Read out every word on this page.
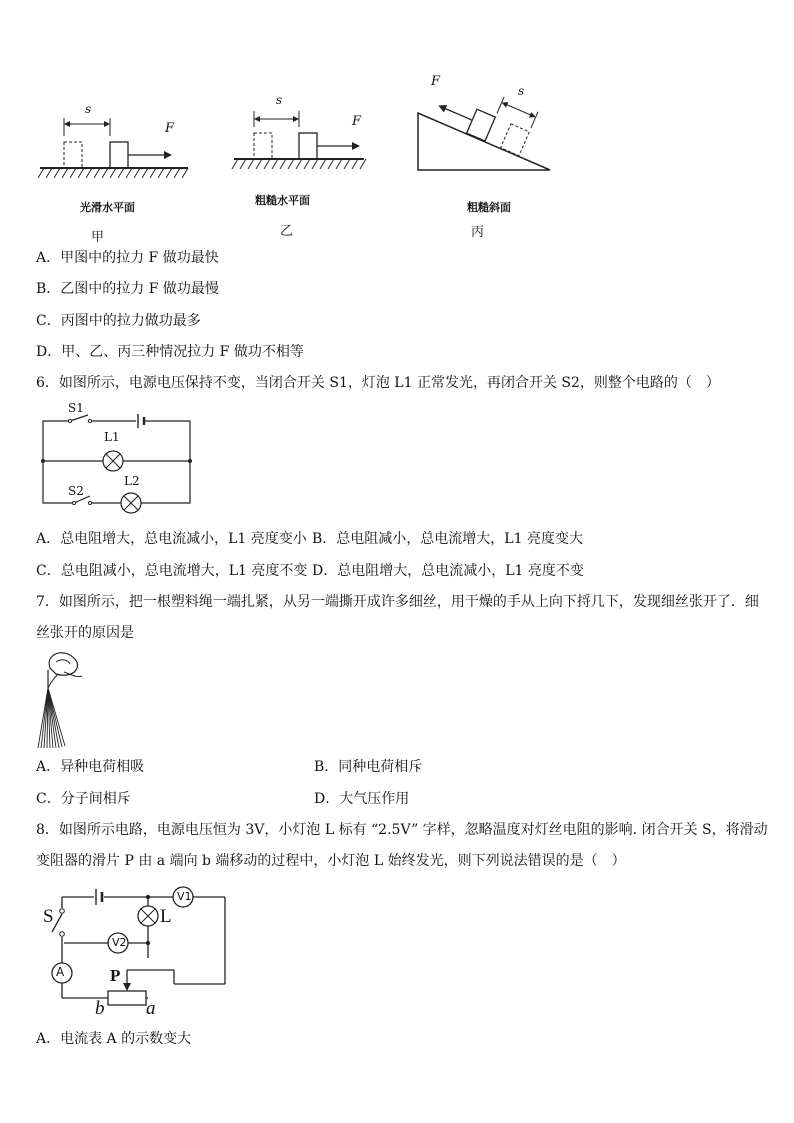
s
F
光滑水平面
甲
s
F
粗糙水平面
乙
F
s
粗糙斜面
丙
A．甲图中的拉力 F 做功最快
B．乙图中的拉力 F 做功最慢
C．丙图中的拉力做功最多
D．甲、乙、丙三种情况拉力 F 做功不相等
6．如图所示，电源电压保持不变，当闭合开关 S1，灯泡 L1 正常发光，再闭合开关 S2，则整个电路的（　）
S1
L1
S2
L2
A．总电阻增大，总电流减小，L1 亮度变小 B．总电阻减小，总电流增大，L1 亮度变大
C．总电阻减小，总电流增大，L1 亮度不变 D．总电阻增大，总电流减小，L1 亮度不变
7．如图所示，把一根塑料绳一端扎紧，从另一端撕开成许多细丝，用干燥的手从上向下捋几下，发现细丝张开了．细
丝张开的原因是
A．异种电荷相吸	B．同种电荷相斥
C．分子间相斥	D．大气压作用
8．如图所示电路，电源电压恒为 3V，小灯泡 L 标有 “2.5V” 字样，忽略温度对灯丝电阻的影响. 闭合开关 S，将滑动
变阻器的滑片 P 由 a 端向 b 端移动的过程中，小灯泡 L 始终发光，则下列说法错误的是（　）
V1
V2
A
S	L
P
b a
A．电流表 A 的示数变大
